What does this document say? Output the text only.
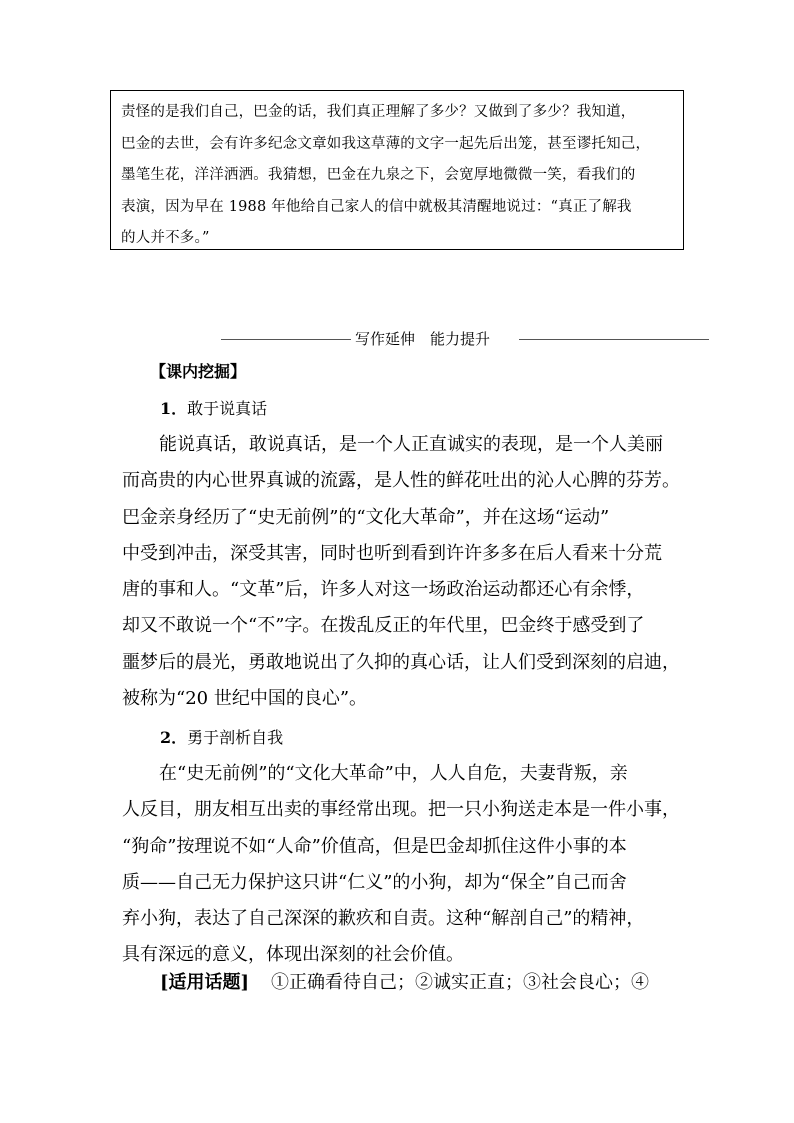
责怪的是我们自己，巴金的话，我们真正理解了多少？又做到了多少？我知道，
巴金的去世，会有许多纪念文章如我这草薄的文字一起先后出笼，甚至谬托知己，
墨笔生花，洋洋洒洒。我猜想，巴金在九泉之下，会宽厚地微微一笑，看我们的
表演，因为早在 1988 年他给自己家人的信中就极其清醒地说过：“真正了解我
的人并不多。”
写作延伸　能力提升
【课内挖掘】
1．敢于说真话
能说真话，敢说真话，是一个人正直诚实的表现，是一个人美丽
而高贵的内心世界真诚的流露，是人性的鲜花吐出的沁人心脾的芬芳。
巴金亲身经历了“史无前例”的“文化大革命”，并在这场“运动”
中受到冲击，深受其害，同时也听到看到许许多多在后人看来十分荒
唐的事和人。“文革”后，许多人对这一场政治运动都还心有余悸，
却又不敢说一个“不”字。在拨乱反正的年代里，巴金终于感受到了
噩梦后的晨光，勇敢地说出了久抑的真心话，让人们受到深刻的启迪，
被称为“20 世纪中国的良心”。
2．勇于剖析自我
在“史无前例”的“文化大革命”中，人人自危，夫妻背叛，亲
人反目，朋友相互出卖的事经常出现。把一只小狗送走本是一件小事，
“狗命”按理说不如“人命”价值高，但是巴金却抓住这件小事的本
质——自己无力保护这只讲“仁义”的小狗，却为“保全”自己而舍
弃小狗，表达了自己深深的歉疚和自责。这种“解剖自己”的精神，
具有深远的意义，体现出深刻的社会价值。
[适用话题] ①正确看待自己；②诚实正直；③社会良心；④
